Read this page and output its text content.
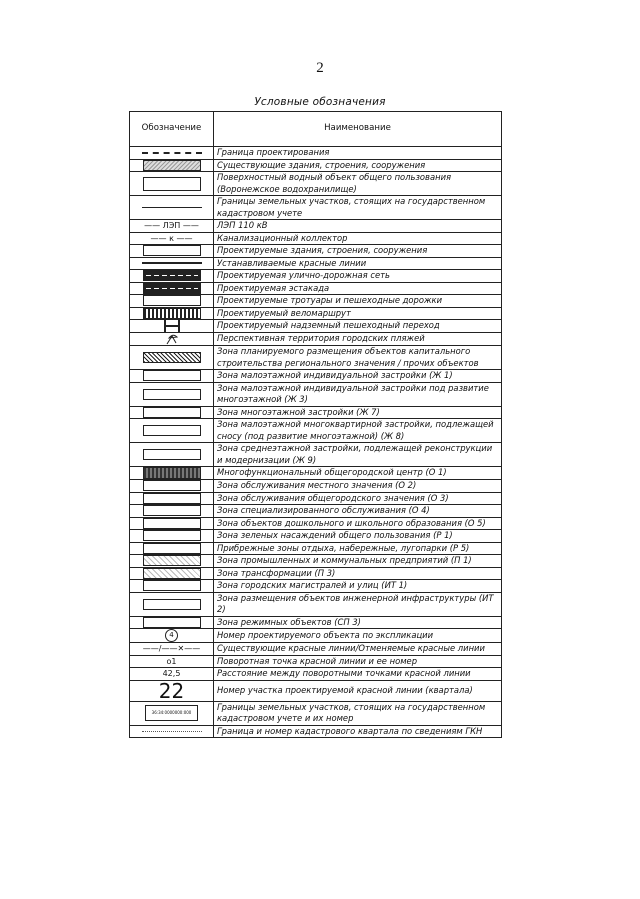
2
Условные обозначения
Обозначение	Наименование

	Граница проектирования

	Существующие здания, строения, сооружения

	Поверхностный водный объект общего пользования (Воронежское водохранилище)

	Границы земельных участков, стоящих на государственном кадастровом учете

—— ЛЭП ——	ЛЭП 110 кВ

—— к ——	Канализационный коллектор

	Проектируемые здания, строения, сооружения

	Устанавливаемые красные линии

	Проектируемая улично-дорожная сеть

	Проектируемая эстакада

	Проектируемые тротуары и пешеходные дорожки

	Проектируемый веломаршрут

	Проектируемый надземный пешеходный переход

	Перспективная территория городских пляжей

	Зона планируемого размещения объектов капитального строительства регионального значения / прочих объектов

	Зона малоэтажной индивидуальной застройки (Ж 1)

	Зона малоэтажной индивидуальной застройки под развитие многоэтажной (Ж 3)

	Зона многоэтажной застройки (Ж 7)

	Зона малоэтажной многоквартирной застройки, подлежащей сносу (под развитие многоэтажной) (Ж 8)

	Зона среднеэтажной застройки, подлежащей реконструкции и модернизации (Ж 9)

	Многофункциональный общегородской центр (О 1)

	Зона обслуживания местного значения (О 2)

	Зона обслуживания общегородского значения (О 3)

	Зона специализированного обслуживания (О 4)

	Зона объектов дошкольного и школьного образования (О 5)

	Зона зеленых насаждений общего пользования (Р 1)

	Прибрежные зоны отдыха, набережные, лугопарки (Р 5)

	Зона промышленных и коммунальных предприятий (П 1)

	Зона трансформации (П 3)

	Зона городских магистралей и улиц (ИТ 1)

	Зона размещения объектов инженерной инфраструктуры (ИТ 2)

	Зона режимных объектов (СП 3)

4	Номер проектируемого объекта по экспликации

——/——✕——	Существующие красные линии/Отменяемые красные линии

о1	Поворотная точка красной линии и ее номер

42,5	Расстояние между поворотными точками красной линии

22	Номер участка проектируемой красной линии (квартала)

36:34:0000000:000	Границы земельных участков, стоящих на государственном кадастровом учете и их номер

	Граница и номер кадастрового квартала по сведениям ГКН
